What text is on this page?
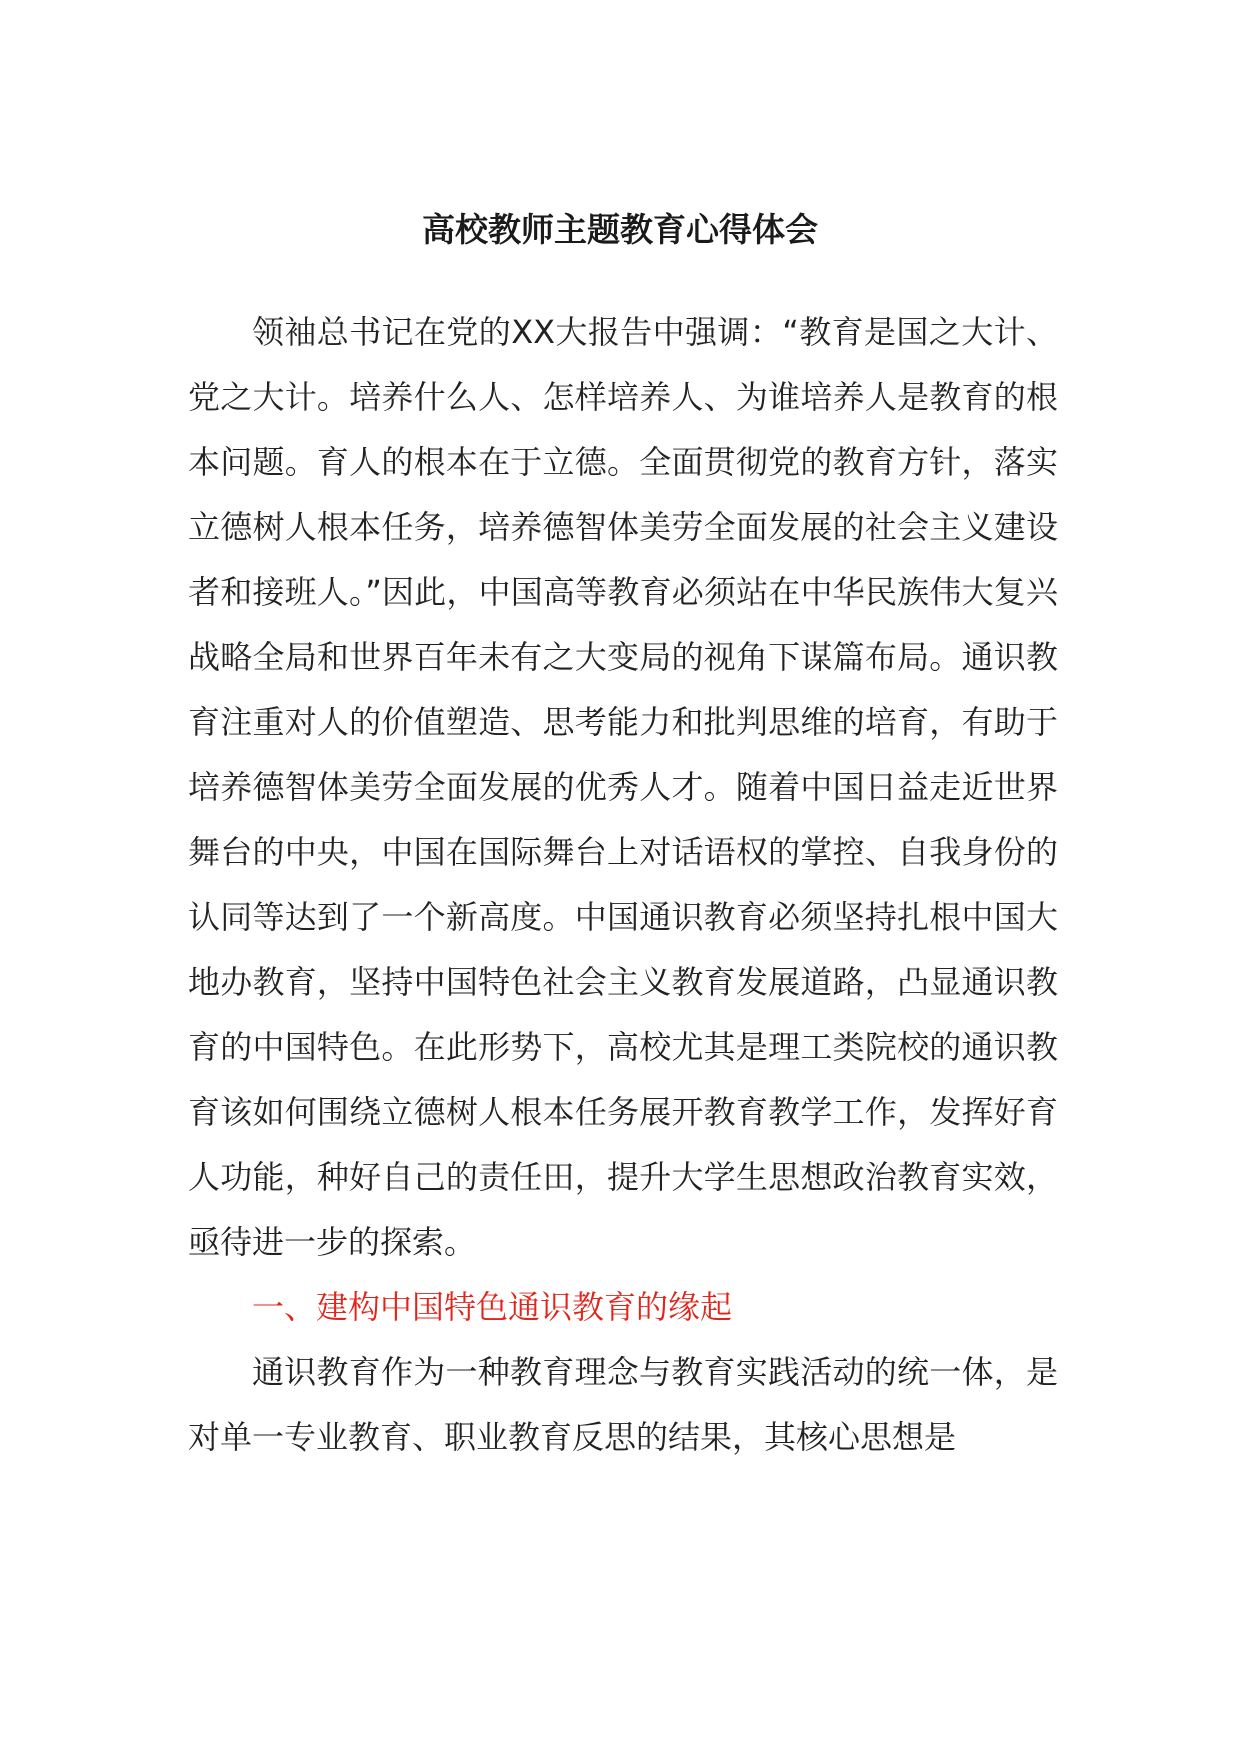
高校教师主题教育心得体会

领袖总书记在党的XX大报告中强调：“教育是国之大计、党之大计。培养什么人、怎样培养人、为谁培养人是教育的根本问题。育人的根本在于立德。全面贯彻党的教育方针，落实立德树人根本任务，培养德智体美劳全面发展的社会主义建设者和接班人。”因此，中国高等教育必须站在中华民族伟大复兴战略全局和世界百年未有之大变局的视角下谋篇布局。通识教育注重对人的价值塑造、思考能力和批判思维的培育，有助于培养德智体美劳全面发展的优秀人才。随着中国日益走近世界舞台的中央，中国在国际舞台上对话语权的掌控、自我身份的认同等达到了一个新高度。中国通识教育必须坚持扎根中国大地办教育，坚持中国特色社会主义教育发展道路，凸显通识教育的中国特色。在此形势下，高校尤其是理工类院校的通识教育该如何围绕立德树人根本任务展开教育教学工作，发挥好育人功能，种好自己的责任田，提升大学生思想政治教育实效，亟待进一步的探索。

一、建构中国特色通识教育的缘起

通识教育作为一种教育理念与教育实践活动的统一体，是对单一专业教育、职业教育反思的结果，其核心思想是
